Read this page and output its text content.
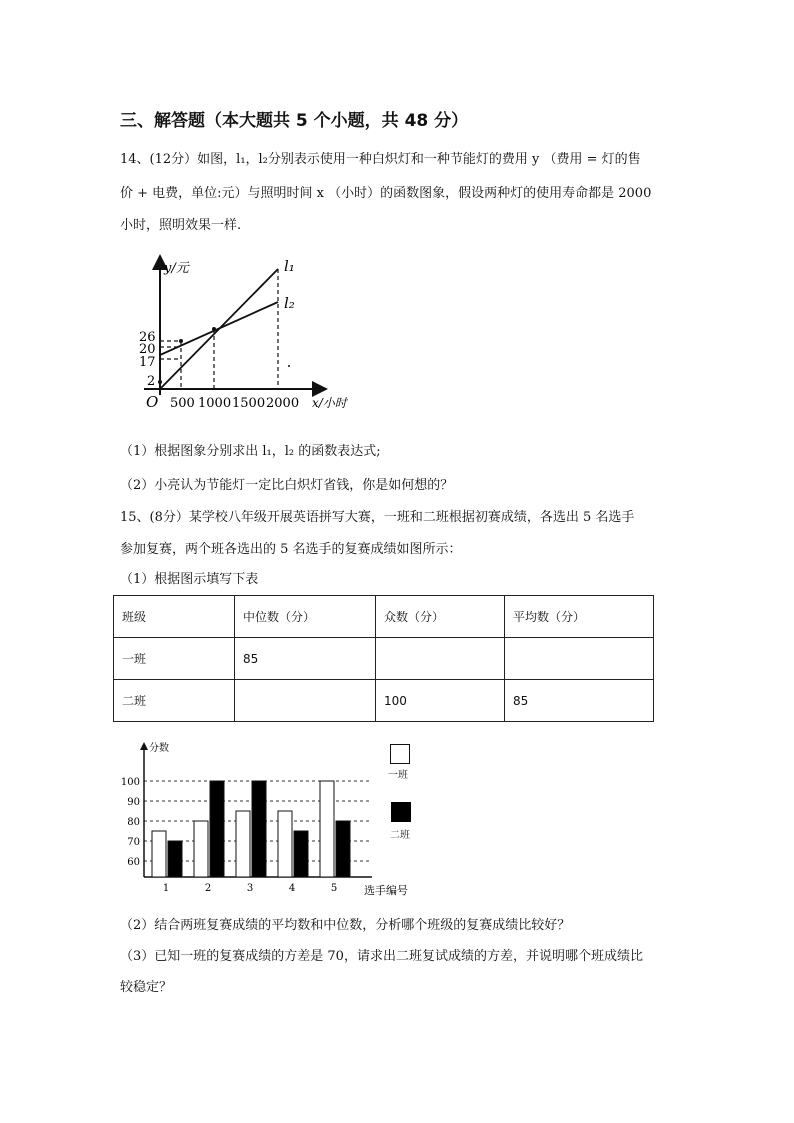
三、解答题（本大题共 5 个小题，共 48 分）
14、(12分）如图，l₁，l₂分别表示使用一种白炽灯和一种节能灯的费用 y （费用 = 灯的售
价 + 电费，单位:元）与照明时间 x （小时）的函数图象，假设两种灯的使用寿命都是 2000
小时，照明效果一样.
y/元	l₁
l₂
26
20
17
2
O 500 1000 1500 2000 x/小时
（1）根据图象分别求出 l₁，l₂ 的函数表达式;
（2）小亮认为节能灯一定比白炽灯省钱，你是如何想的？
15、(8分）某学校八年级开展英语拼写大赛，一班和二班根据初赛成绩，各选出 5 名选手
参加复赛，两个班各选出的 5 名选手的复赛成绩如图所示：
（1）根据图示填写下表
班级	中位数（分）	众数（分）	平均数（分）
一班	85		
二班		100	85
60
70
80
90
100
分数
选手编号
1	2	3	4	5
一班
二班
（2）结合两班复赛成绩的平均数和中位数，分析哪个班级的复赛成绩比较好？
（3）已知一班的复赛成绩的方差是 70，请求出二班复试成绩的方差，并说明哪个班成绩比
较稳定？
